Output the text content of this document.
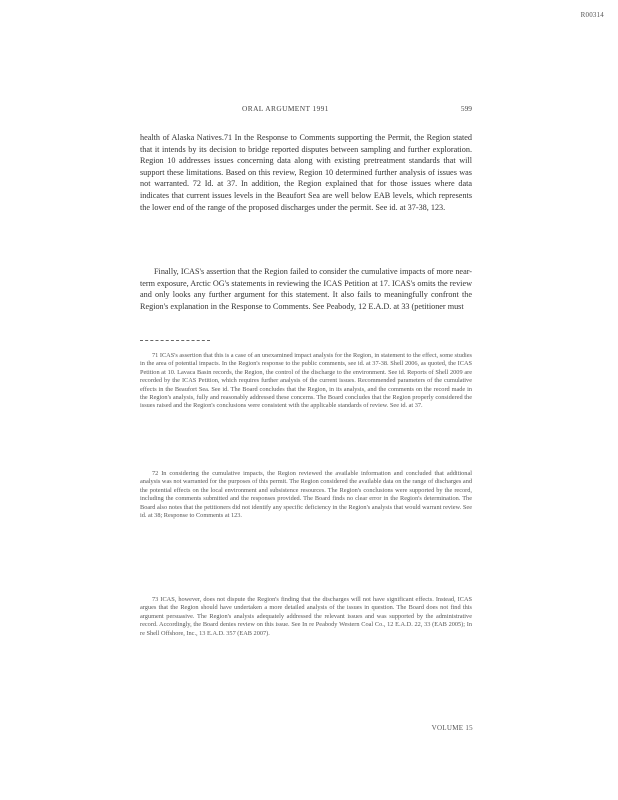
R00314
ORAL ARGUMENT 1991	599
health of Alaska Natives.71 In the Response to Comments supporting the Permit, the Region stated that it intends by its decision to bridge reported disputes between sampling and further exploration. Region 10 addresses issues concerning data along with existing pretreatment standards that will support these limitations. Based on this review, Region 10 determined further analysis of issues was not warranted. 72 Id. at 37. In addition, the Region explained that for those issues where data indicates that current issues levels in the Beaufort Sea are well below EAB levels, which represents the lower end of the range of the proposed discharges under the permit. See id. at 37-38, 123.
Finally, ICAS's assertion that the Region failed to consider the cumulative impacts of more near-term exposure, Arctic OG's statements in reviewing the ICAS Petition at 17. ICAS's omits the review and only looks any further argument for this statement. It also fails to meaningfully confront the Region's explanation in the Response to Comments. See Peabody, 12 E.A.D. at 33 (petitioner must
71 ICAS's assertion that this is a case of an unexamined impact analysis for the Region, in statement to the effect, some studies in the area of potential impacts. In the Region's response to the public comments, see id. at 37-38. Shell 2006, as quoted, the ICAS Petition at 10. Lavaca Basin records, the Region, the control of the discharge to the environment. See id. Reports of Shell 2009 are recorded by the ICAS Petition, which requires further analysis of the current issues. Recommended parameters of the cumulative effects in the Beaufort Sea. See id. The Board concludes that the Region, in its analysis, and the comments on the record made in the Region's analysis, fully and reasonably addressed these concerns. The Board concludes that the Region properly considered the issues raised and the Region's conclusions were consistent with the applicable standards of review. See id. at 37.
72 In considering the cumulative impacts, the Region reviewed the available information and concluded that additional analysis was not warranted for the purposes of this permit. The Region considered the available data on the range of discharges and the potential effects on the local environment and subsistence resources. The Region's conclusions were supported by the record, including the comments submitted and the responses provided. The Board finds no clear error in the Region's determination. The Board also notes that the petitioners did not identify any specific deficiency in the Region's analysis that would warrant review. See id. at 38; Response to Comments at 123.
73 ICAS, however, does not dispute the Region's finding that the discharges will not have significant effects. Instead, ICAS argues that the Region should have undertaken a more detailed analysis of the issues in question. The Board does not find this argument persuasive. The Region's analysis adequately addressed the relevant issues and was supported by the administrative record. Accordingly, the Board denies review on this issue. See In re Peabody Western Coal Co., 12 E.A.D. 22, 33 (EAB 2005); In re Shell Offshore, Inc., 13 E.A.D. 357 (EAB 2007).
VOLUME 15
